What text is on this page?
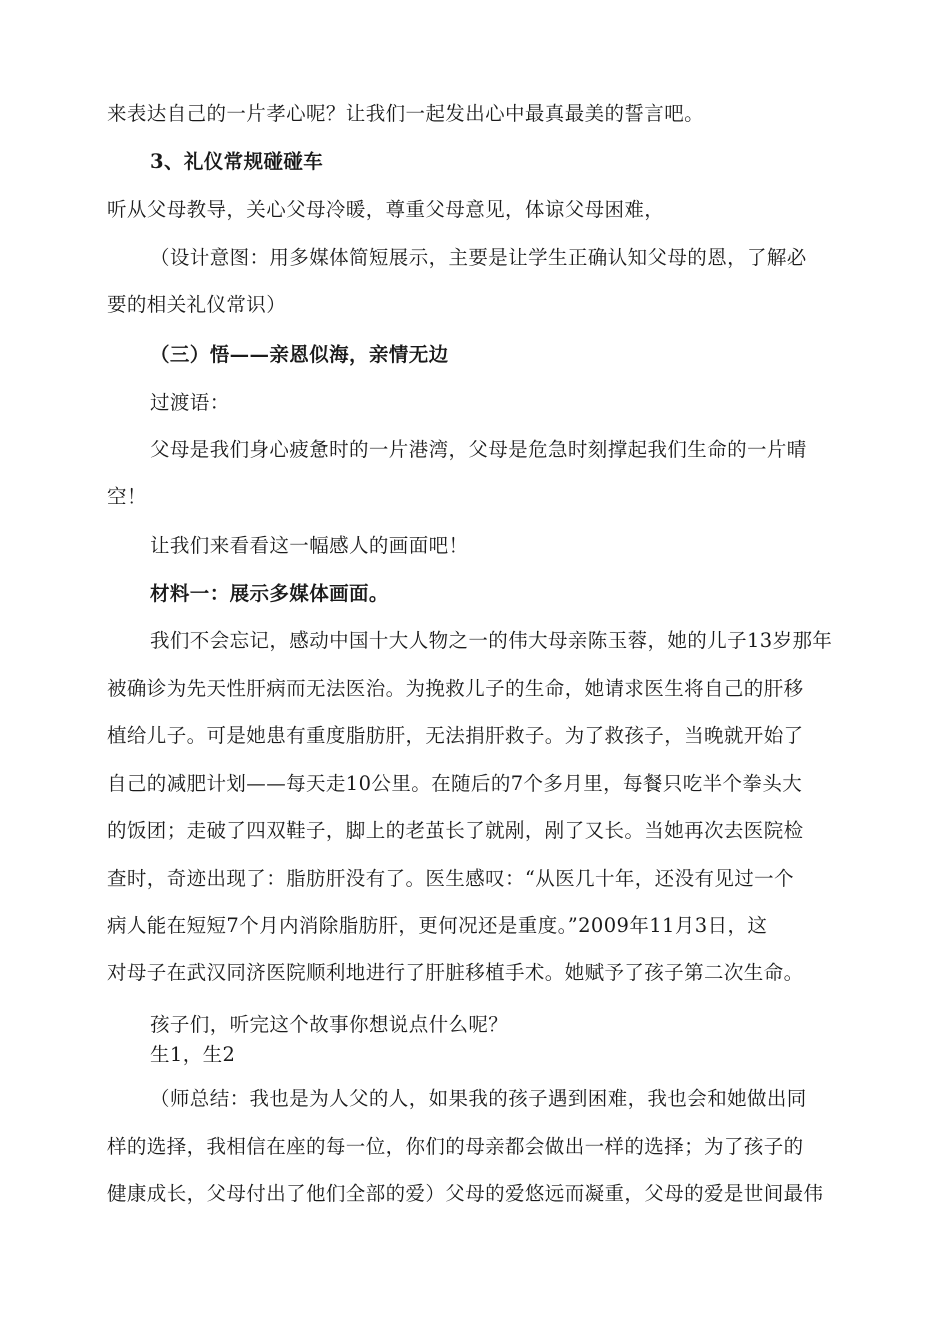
来表达自己的一片孝心呢？让我们一起发出心中最真最美的誓言吧。
3、礼仪常规碰碰车
听从父母教导，关心父母冷暖，尊重父母意见，体谅父母困难，
（设计意图：用多媒体简短展示，主要是让学生正确认知父母的恩，了解必
要的相关礼仪常识）
（三）悟——亲恩似海，亲情无边
过渡语：
父母是我们身心疲惫时的一片港湾，父母是危急时刻撑起我们生命的一片晴
空！
让我们来看看这一幅感人的画面吧！
材料一：展示多媒体画面。
我们不会忘记，感动中国十大人物之一的伟大母亲陈玉蓉，她的儿子13岁那年
被确诊为先天性肝病而无法医治。为挽救儿子的生命，她请求医生将自己的肝移
植给儿子。可是她患有重度脂肪肝，无法捐肝救子。为了救孩子，当晚就开始了
自己的减肥计划——每天走10公里。在随后的7个多月里，每餐只吃半个拳头大
的饭团；走破了四双鞋子，脚上的老茧长了就剐，剐了又长。当她再次去医院检
查时，奇迹出现了：脂肪肝没有了。医生感叹：“从医几十年，还没有见过一个
病人能在短短7个月内消除脂肪肝，更何况还是重度。”2009年11月3日，这
对母子在武汉同济医院顺利地进行了肝脏移植手术。她赋予了孩子第二次生命。
孩子们，听完这个故事你想说点什么呢？
生1，生2
（师总结：我也是为人父的人，如果我的孩子遇到困难，我也会和她做出同
样的选择，我相信在座的每一位，你们的母亲都会做出一样的选择；为了孩子的
健康成长，父母付出了他们全部的爱）父母的爱悠远而凝重，父母的爱是世间最伟
